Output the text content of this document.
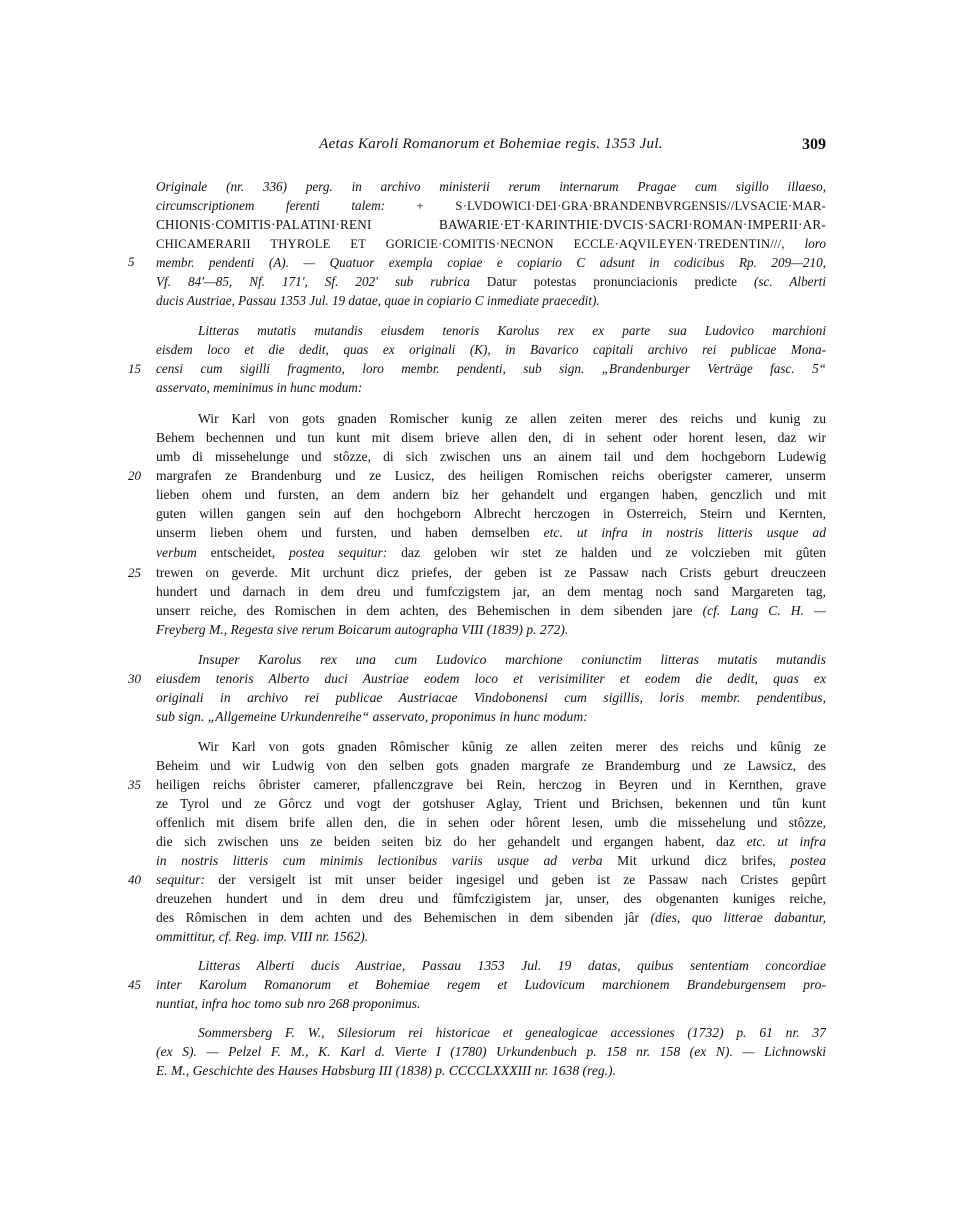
Aetas Karoli Romanorum et Bohemiae regis. 1353 Jul.	309
5
15
20
25
30
35
40
45
Originale (nr. 336) perg. in archivo ministerii rerum internarum Pragae cum sigillo illaeso,
circumscriptionem ferenti talem: + S·LVDOWICI·DEI·GRA·BRANDENBVRGENSIS//LVSACIE·MAR-
CHIONIS·COMITIS·PALATINI·RENI BAWARIE·ET·KARINTHIE·DVCIS·SACRI·ROMAN·IMPERII·AR-
CHICAMERARII THYROLE ET GORICIE·COMITIS·NECNON ECCLE·AQVILEYEN·TREDENTIN///, loro
membr. pendenti (A). — Quatuor exempla copiae e copiario C adsunt in codicibus Rp. 209—210,
Vf. 84'—85, Nf. 171', Sf. 202' sub rubrica Datur potestas pronunciacionis predicte (sc. Alberti
ducis Austriae, Passau 1353 Jul. 19 datae, quae in copiario C inmediate praecedit).
Litteras mutatis mutandis eiusdem tenoris Karolus rex ex parte sua Ludovico marchioni
eisdem loco et die dedit, quas ex originali (K), in Bavarico capitali archivo rei publicae Mona-
censi cum sigilli fragmento, loro membr. pendenti, sub sign. „Brandenburger Verträge fasc. 5“
asservato, meminimus in hunc modum:
Wir Karl von gots gnaden Romischer kunig ze allen zeiten merer des reichs und kunig zu
Behem bechennen und tun kunt mit disem brieve allen den, di in sehent oder horent lesen, daz wir
umb di missehelunge und stôzze, di sich zwischen uns an ainem tail und dem hochgeborn Ludewig
margrafen ze Brandenburg und ze Lusicz, des heiligen Romischen reichs oberigster camerer, unserm
lieben ohem und fursten, an dem andern biz her gehandelt und ergangen haben, genczlich und mit
guten willen gangen sein auf den hochgeborn Albrecht herczogen in Osterreich, Steirn und Kernten,
unserm lieben ohem und fursten, und haben demselben etc. ut infra in nostris litteris usque ad
verbum entscheidet, postea sequitur: daz geloben wir stet ze halden und ze volczieben mit gûten
trewen on geverde. Mit urchunt dicz priefes, der geben ist ze Passaw nach Crists geburt dreuczeen
hundert und darnach in dem dreu und fumfczigstem jar, an dem mentag noch sand Margareten tag,
unserr reiche, des Romischen in dem achten, des Behemischen in dem sibenden jare (cf. Lang C. H. —
Freyberg M., Regesta sive rerum Boicarum autographa VIII (1839) p. 272).
Insuper Karolus rex una cum Ludovico marchione coniunctim litteras mutatis mutandis
eiusdem tenoris Alberto duci Austriae eodem loco et verisimiliter et eodem die dedit, quas ex
originali in archivo rei publicae Austriacae Vindobonensi cum sigillis, loris membr. pendentibus,
sub sign. „Allgemeine Urkundenreihe“ asservato, proponimus in hunc modum:
Wir Karl von gots gnaden Rômischer kûnig ze allen zeiten merer des reichs und kûnig ze
Beheim und wir Ludwig von den selben gots gnaden margrafe ze Brandemburg und ze Lawsicz, des
heiligen reichs ôbrister camerer, pfallenczgrave bei Rein, herczog in Beyren und in Kernthen, grave
ze Tyrol und ze Gôrcz und vogt der gotshuser Aglay, Trient und Brichsen, bekennen und tûn kunt
offenlich mit disem brife allen den, die in sehen oder hôrent lesen, umb die missehelung und stôzze,
die sich zwischen uns ze beiden seiten biz do her gehandelt und ergangen habent, daz etc. ut infra
in nostris litteris cum minimis lectionibus variis usque ad verba Mit urkund dicz brifes, postea
sequitur: der versigelt ist mit unser beider ingesigel und geben ist ze Passaw nach Cristes gepûrt
dreuzehen hundert und in dem dreu und fûmfczigistem jar, unser, des obgenanten kuniges reiche,
des Rômischen in dem achten und des Behemischen in dem sibenden jâr (dies, quo litterae dabantur,
ommittitur, cf. Reg. imp. VIII nr. 1562).
Litteras Alberti ducis Austriae, Passau 1353 Jul. 19 datas, quibus sententiam concordiae
inter Karolum Romanorum et Bohemiae regem et Ludovicum marchionem Brandeburgensem pro-
nuntiat, infra hoc tomo sub nro 268 proponimus.
Sommersberg F. W., Silesiorum rei historicae et genealogicae accessiones (1732) p. 61 nr. 37
(ex S). — Pelzel F. M., K. Karl d. Vierte I (1780) Urkundenbuch p. 158 nr. 158 (ex N). — Lichnowski
E. M., Geschichte des Hauses Habsburg III (1838) p. CCCCLXXXIII nr. 1638 (reg.).
